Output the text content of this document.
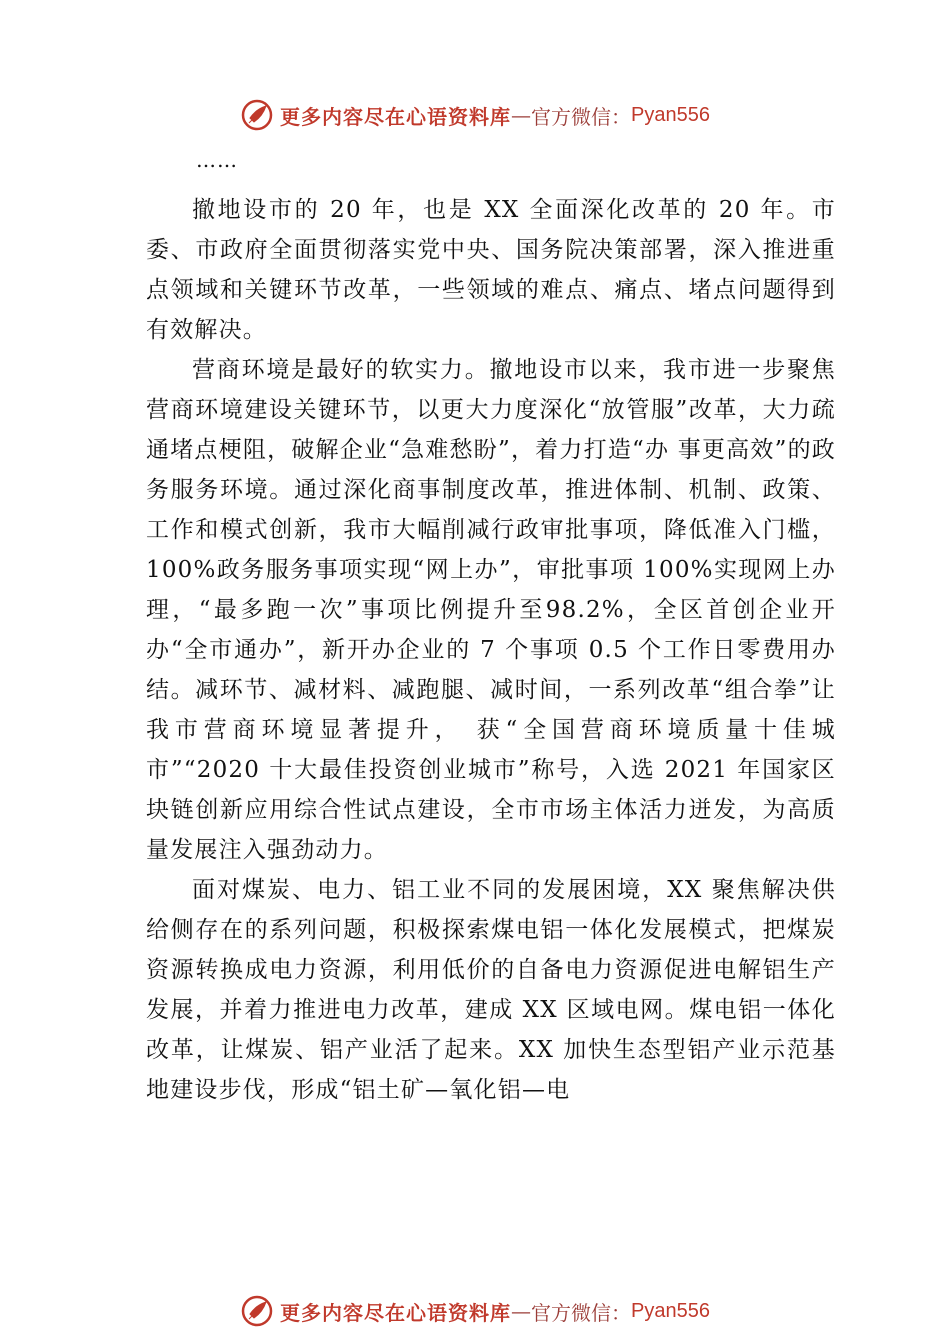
更多内容尽在心语资料库 — 官方微信： Pyan556
……

撤地设市的 20 年，也是 XX 全面深化改革的 20 年。市委、市政府全面贯彻落实党中央、国务院决策部署，深入推进重点领域和关键环节改革，一些领域的难点、痛点、堵点问题得到有效解决。

营商环境是最好的软实力。撤地设市以来，我市进一步聚焦营商环境建设关键环节，以更大力度深化“放管服”改革，大力疏通堵点梗阻，破解企业“急难愁盼”，着力打造“办 事更高效”的政务服务环境。通过深化商事制度改革，推进体制、机制、政策、工作和模式创新，我市大幅削减行政审批事项，降低准入门槛，100%政务服务事项实现“网上办”，审批事项 100%实现网上办理，“最多跑一次”事项比例提升至98.2%，全区首创企业开办“全市通办”，新开办企业的 7 个事项 0.5 个工作日零费用办结。减环节、减材料、减跑腿、减时间，一系列改革“组合拳”让我市营商环境显著提升， 获“全国营商环境质量十佳城市”“2020 十大最佳投资创业城市”称号，入选 2021 年国家区块链创新应用综合性试点建设，全市市场主体活力迸发，为高质量发展注入强劲动力。

面对煤炭、电力、铝工业不同的发展困境，XX 聚焦解决供给侧存在的系列问题，积极探索煤电铝一体化发展模式，把煤炭资源转换成电力资源，利用低价的自备电力资源促进电解铝生产发展，并着力推进电力改革，建成 XX 区域电网。煤电铝一体化改革，让煤炭、铝产业活了起来。XX 加快生态型铝产业示范基地建设步伐，形成“铝土矿—氧化铝—电

更多内容尽在心语资料库 — 官方微信： Pyan556
